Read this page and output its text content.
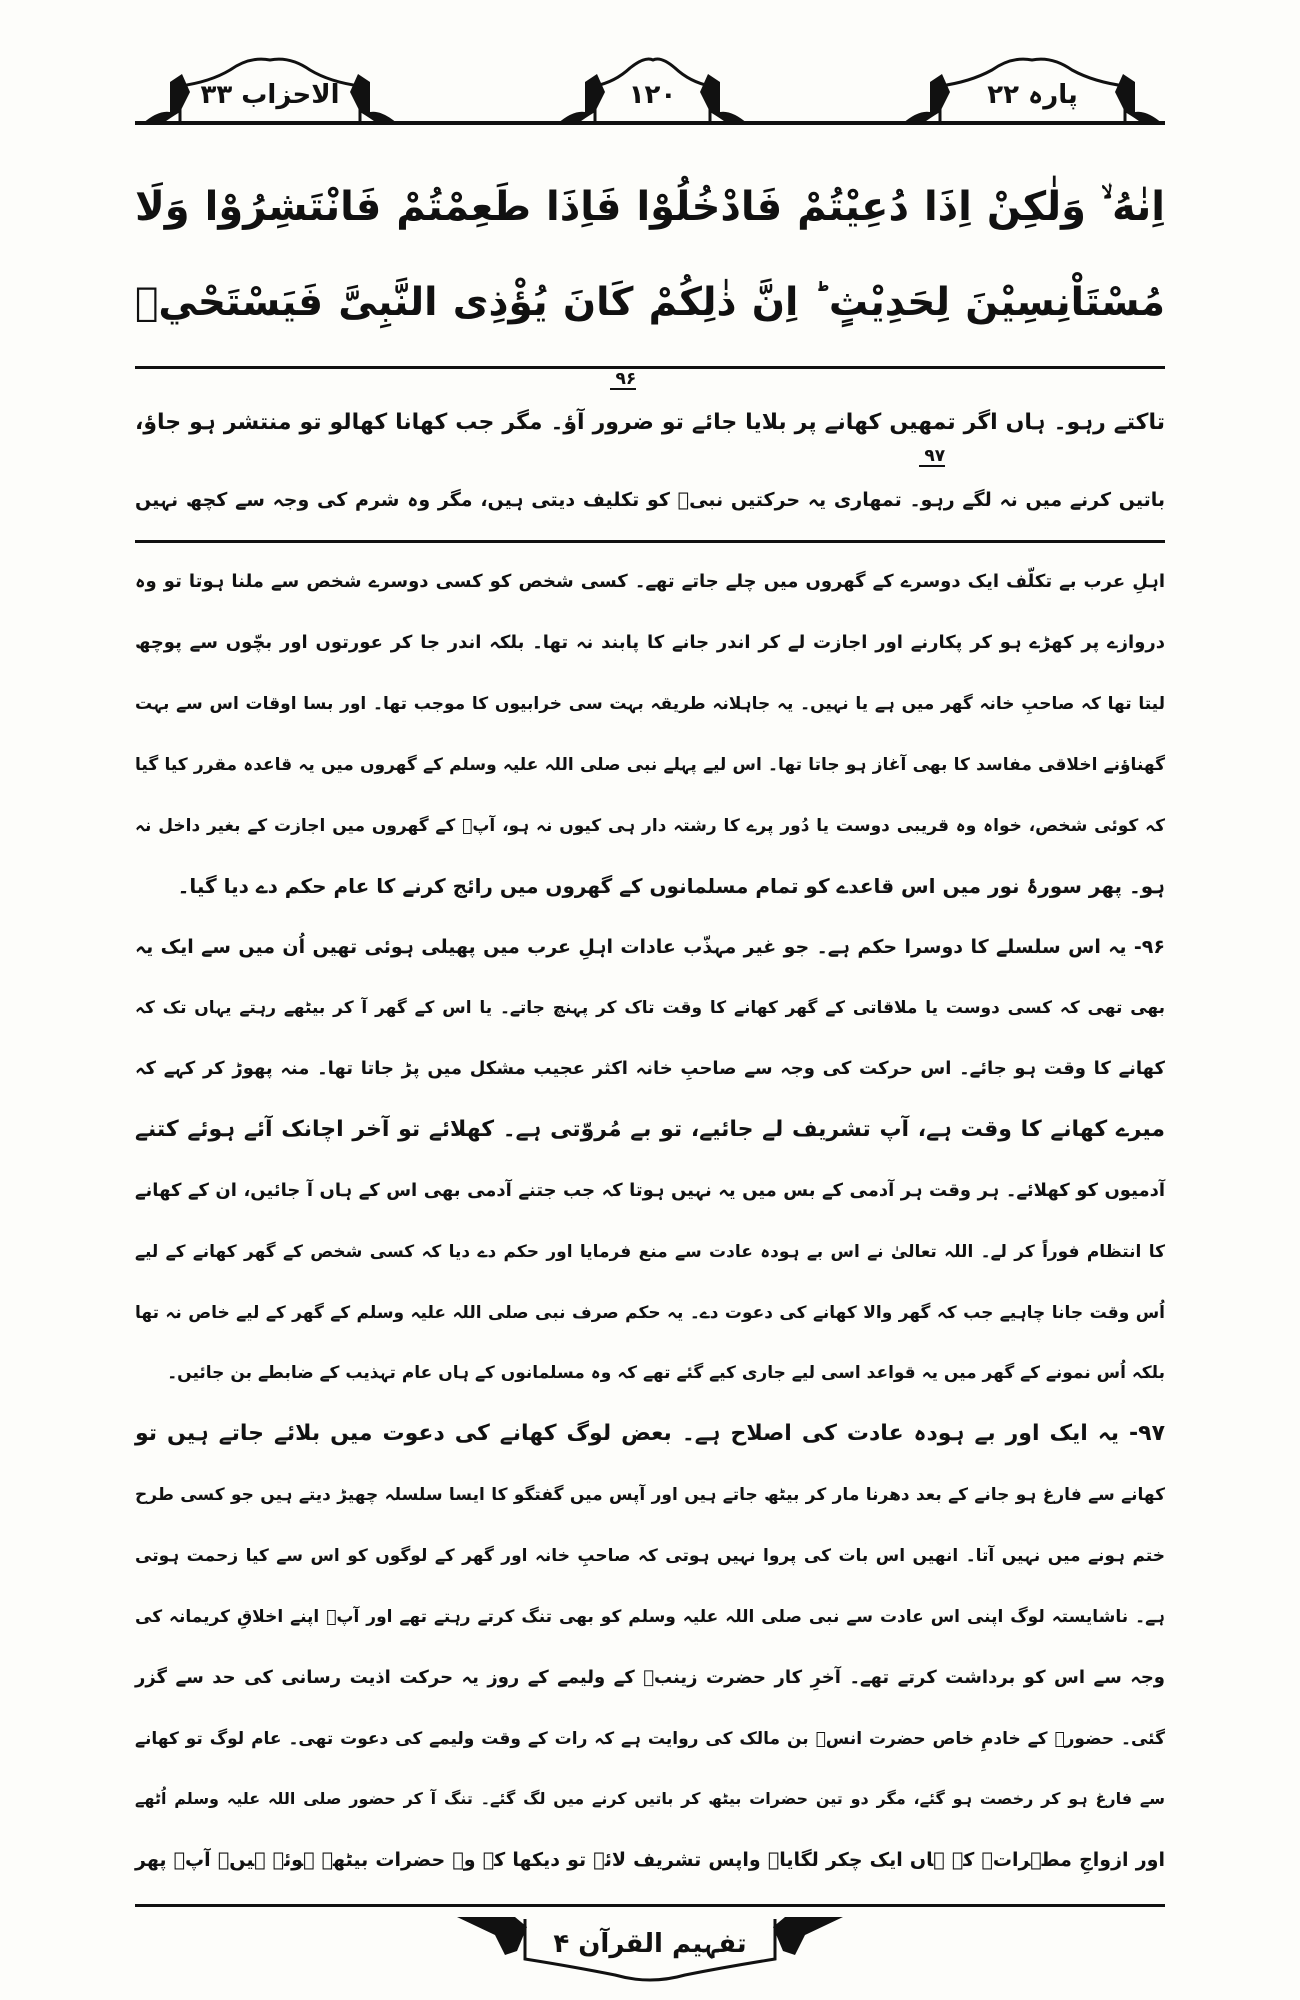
الاحزاب ۳۳	۱۲۰	پارہ ۲۲
اِنٰهُ ۙ وَلٰكِنْ اِذَا دُعِيْتُمْ فَادْخُلُوْا فَاِذَا طَعِمْتُمْ فَانْتَشِرُوْا وَلَا
مُسْتَاْنِسِيْنَ لِحَدِيْثٍ ؕ اِنَّ ذٰلِكُمْ كَانَ يُؤْذِى النَّبِىَّ فَيَسْتَحْيٖ
تاکتے رہو۔ ہاں اگر تمھیں کھانے پر بلایا جائے تو
۹۶
ضرور آؤ۔ مگر جب کھانا کھالو تو منتشر ہو جاؤ،
باتیں کرنے میں نہ لگے
۹۷
رہو۔ تمھاری یہ حرکتیں نبیؐ کو تکلیف دیتی ہیں، مگر وہ شرم کی وجہ سے کچھ نہیں
اہلِ عرب بے تکلّف ایک دوسرے کے گھروں میں چلے جاتے تھے۔ کسی شخص کو کسی دوسرے شخص سے ملنا ہوتا تو وہ
دروازے پر کھڑے ہو کر پکارنے اور اجازت لے کر اندر جانے کا پابند نہ تھا۔ بلکہ اندر جا کر عورتوں اور بچّوں سے پوچھ
لیتا تھا کہ صاحبِ خانہ گھر میں ہے یا نہیں۔ یہ جاہلانہ طریقہ بہت سی خرابیوں کا موجب تھا۔ اور بسا اوقات اس سے بہت
گھناؤنے اخلاقی مفاسد کا بھی آغاز ہو جاتا تھا۔ اس لیے پہلے نبی صلی اللہ علیہ وسلم کے گھروں میں یہ قاعدہ مقرر کیا گیا
کہ کوئی شخص، خواہ وہ قریبی دوست یا دُور پرے کا رشتہ دار ہی کیوں نہ ہو، آپؐ کے گھروں میں اجازت کے بغیر داخل نہ
ہو۔ پھر سورۂ نور میں اس قاعدے کو تمام مسلمانوں کے گھروں میں رائج کرنے کا عام حکم دے دیا گیا۔
۹۶- یہ اس سلسلے کا دوسرا حکم ہے۔ جو غیر مہذّب عادات اہلِ عرب میں پھیلی ہوئی تھیں اُن میں سے ایک یہ
بھی تھی کہ کسی دوست یا ملاقاتی کے گھر کھانے کا وقت تاک کر پہنچ جاتے۔ یا اس کے گھر آ کر بیٹھے رہتے یہاں تک کہ
کھانے کا وقت ہو جائے۔ اس حرکت کی وجہ سے صاحبِ خانہ اکثر عجیب مشکل میں پڑ جاتا تھا۔ منہ پھوڑ کر کہے کہ
میرے کھانے کا وقت ہے، آپ تشریف لے جائیے، تو بے مُروّتی ہے۔ کھلائے تو آخر اچانک آئے ہوئے کتنے
آدمیوں کو کھلائے۔ ہر وقت ہر آدمی کے بس میں یہ نہیں ہوتا کہ جب جتنے آدمی بھی اس کے ہاں آ جائیں، ان کے کھانے
کا انتظام فوراً کر لے۔ اللہ تعالیٰ نے اس بے ہودہ عادت سے منع فرمایا اور حکم دے دیا کہ کسی شخص کے گھر کھانے کے لیے
اُس وقت جانا چاہیے جب کہ گھر والا کھانے کی دعوت دے۔ یہ حکم صرف نبی صلی اللہ علیہ وسلم کے گھر کے لیے خاص نہ تھا
بلکہ اُس نمونے کے گھر میں یہ قواعد اسی لیے جاری کیے گئے تھے کہ وہ مسلمانوں کے ہاں عام تہذیب کے ضابطے بن جائیں۔
۹۷- یہ ایک اور بے ہودہ عادت کی اصلاح ہے۔ بعض لوگ کھانے کی دعوت میں بلائے جاتے ہیں تو
کھانے سے فارغ ہو جانے کے بعد دھرنا مار کر بیٹھ جاتے ہیں اور آپس میں گفتگو کا ایسا سلسلہ چھیڑ دیتے ہیں جو کسی طرح
ختم ہونے میں نہیں آتا۔ انھیں اس بات کی پروا نہیں ہوتی کہ صاحبِ خانہ اور گھر کے لوگوں کو اس سے کیا زحمت ہوتی
ہے۔ ناشایستہ لوگ اپنی اس عادت سے نبی صلی اللہ علیہ وسلم کو بھی تنگ کرتے رہتے تھے اور آپؐ اپنے اخلاقِ کریمانہ کی
وجہ سے اس کو برداشت کرتے تھے۔ آخرِ کار حضرت زینبؓ کے ولیمے کے روز یہ حرکت اذیت رسانی کی حد سے گزر
گئی۔ حضورؐ کے خادمِ خاص حضرت انسؓ بن مالک کی روایت ہے کہ رات کے وقت ولیمے کی دعوت تھی۔ عام لوگ تو کھانے
سے فارغ ہو کر رخصت ہو گئے، مگر دو تین حضرات بیٹھ کر باتیں کرنے میں لگ گئے۔ تنگ آ کر حضور صلی اللہ علیہ وسلم اُٹھے
اور ازواجِ مطہراتؓ کے ہاں ایک چکر لگایا۔ واپس تشریف لائے تو دیکھا کہ وہ حضرات بیٹھے ہوئے ہیں۔ آپؐ پھر
تفہیم القرآن ۴
